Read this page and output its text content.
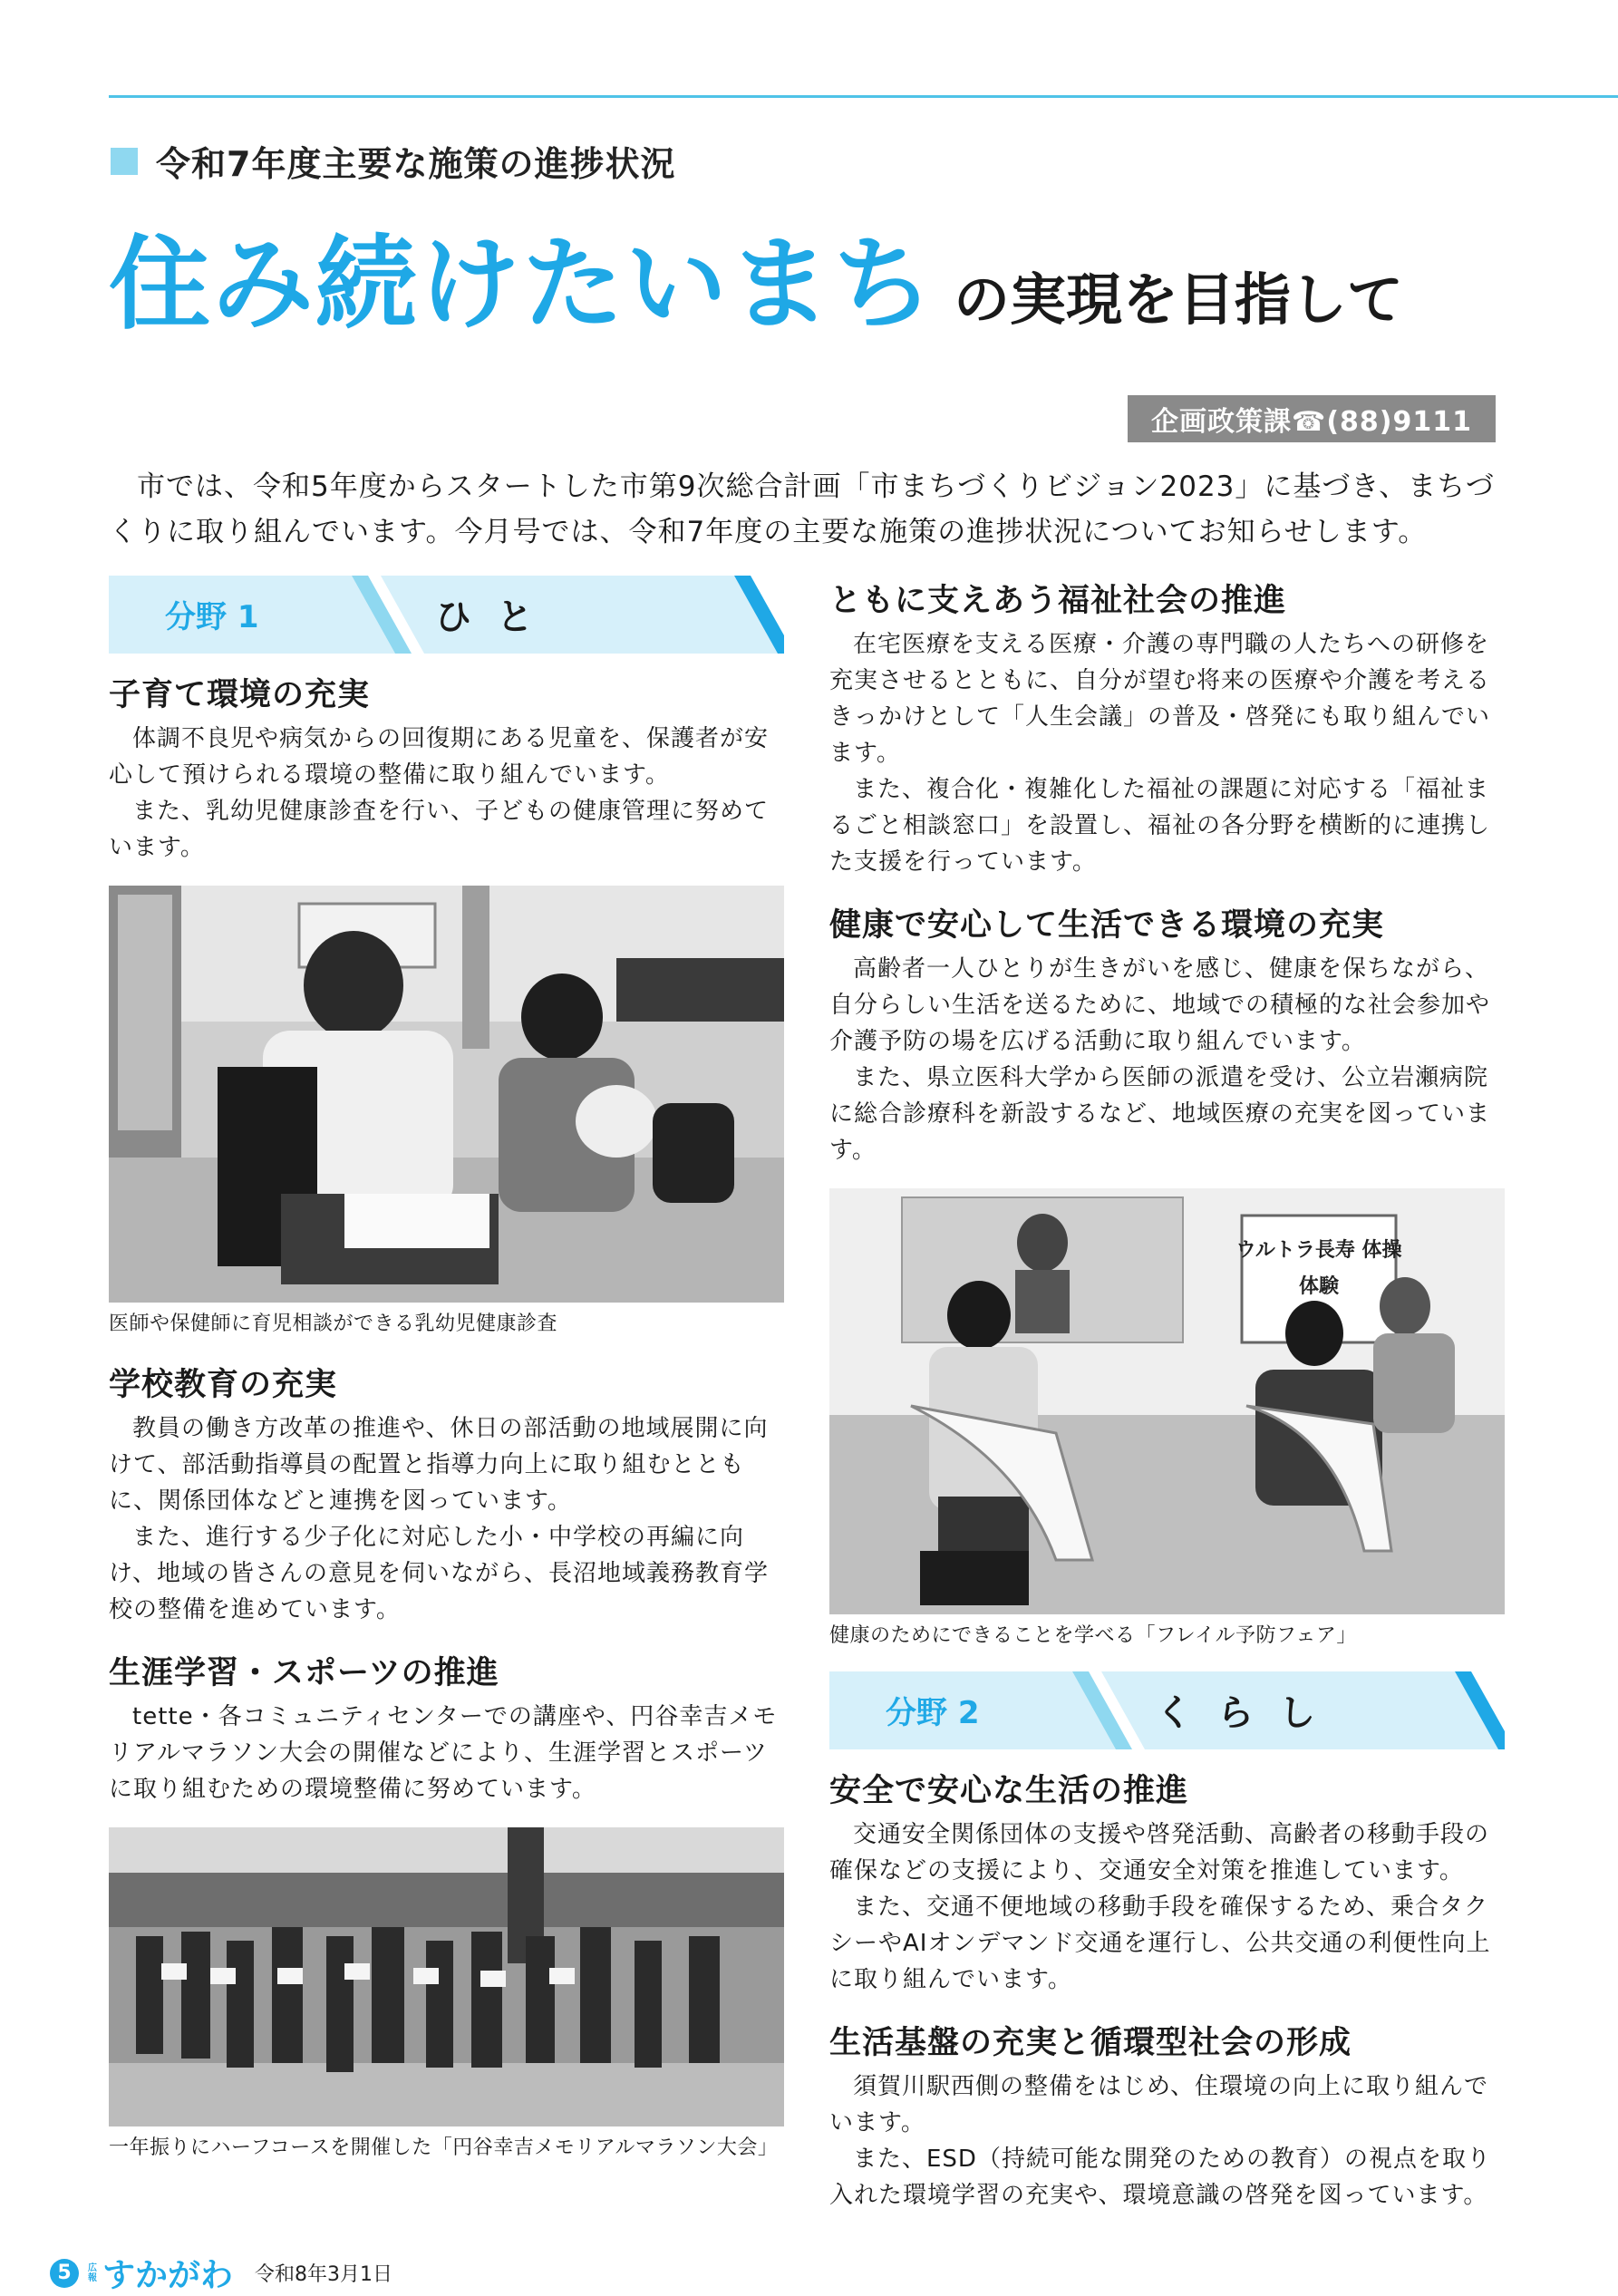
令和7年度主要な施策の進捗状況
住み続けたいまち の実現を目指して
企画政策課☎(88)9111
市では、令和5年度からスタートした市第9次総合計画「市まちづくりビジョン2023」に基づき、まちづくりに取り組んでいます。今月号では、令和7年度の主要な施策の進捗状況についてお知らせします。
分野 1	ひと
子育て環境の充実

体調不良児や病気からの回復期にある児童を、保護者が安心して預けられる環境の整備に取り組んでいます。
また、乳幼児健康診査を行い、子どもの健康管理に努めています。

医師や保健師に育児相談ができる乳幼児健康診査
学校教育の充実

教員の働き方改革の推進や、休日の部活動の地域展開に向けて、部活動指導員の配置と指導力向上に取り組むとともに、関係団体などと連携を図っています。
また、進行する少子化に対応した小・中学校の再編に向け、地域の皆さんの意見を伺いながら、長沼地域義務教育学校の整備を進めています。

生涯学習・スポーツの推進

tette・各コミュニティセンターでの講座や、円谷幸吉メモリアルマラソン大会の開催などにより、生涯学習とスポーツに取り組むための環境整備に努めています。

一年振りにハーフコースを開催した「円谷幸吉メモリアルマラソン大会」
ともに支えあう福祉社会の推進

在宅医療を支える医療・介護の専門職の人たちへの研修を充実させるとともに、自分が望む将来の医療や介護を考えるきっかけとして「人生会議」の普及・啓発にも取り組んでいます。
また、複合化・複雑化した福祉の課題に対応する「福祉まるごと相談窓口」を設置し、福祉の各分野を横断的に連携した支援を行っています。

健康で安心して生活できる環境の充実

高齢者一人ひとりが生きがいを感じ、健康を保ちながら、自分らしい生活を送るために、地域での積極的な社会参加や介護予防の場を広げる活動に取り組んでいます。
また、県立医科大学から医師の派遣を受け、公立岩瀬病院に総合診療科を新設するなど、地域医療の充実を図っています。

ウルトラ長寿 体操
体験
健康のためにできることを学べる「フレイル予防フェア」
分野 2	くらし
安全で安心な生活の推進

交通安全関係団体の支援や啓発活動、高齢者の移動手段の確保などの支援により、交通安全対策を推進しています。
また、交通不便地域の移動手段を確保するため、乗合タクシーやAIオンデマンド交通を運行し、公共交通の利便性向上に取り組んでいます。

生活基盤の充実と循環型社会の形成

須賀川駅西側の整備をはじめ、住環境の向上に取り組んでいます。
また、ESD（持続可能な開発のための教育）の視点を取り入れた環境学習の充実や、環境意識の啓発を図っています。

5	広報 すかがわ 令和8年3月1日
